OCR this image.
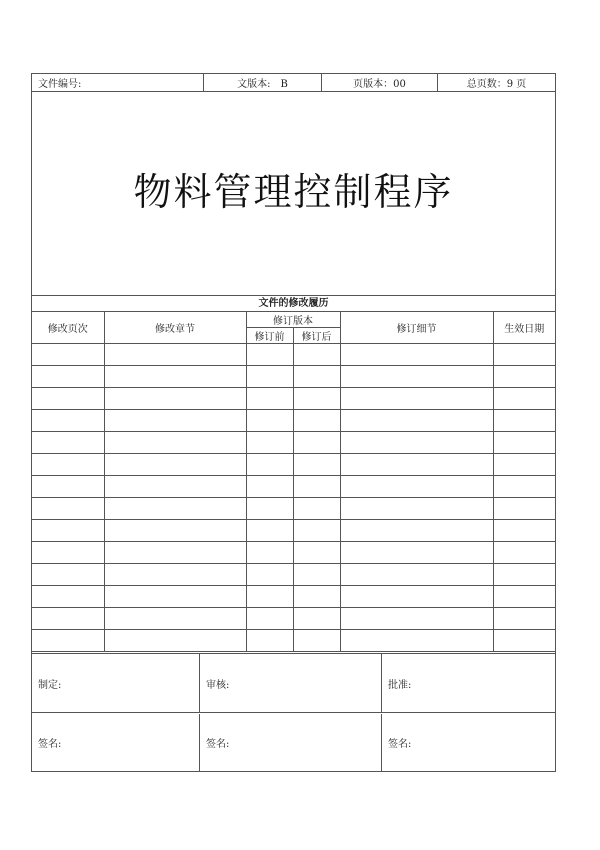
文件编号:	文版本:　B	页版本：00	总页数：9 页
物料管理控制程序
文件的修改履历
修改页次	修改章节	修订版本		修订细节	生效日期
		修订前	修订后		

制定:	审核:	批准:
签名:	签名:	签名:
